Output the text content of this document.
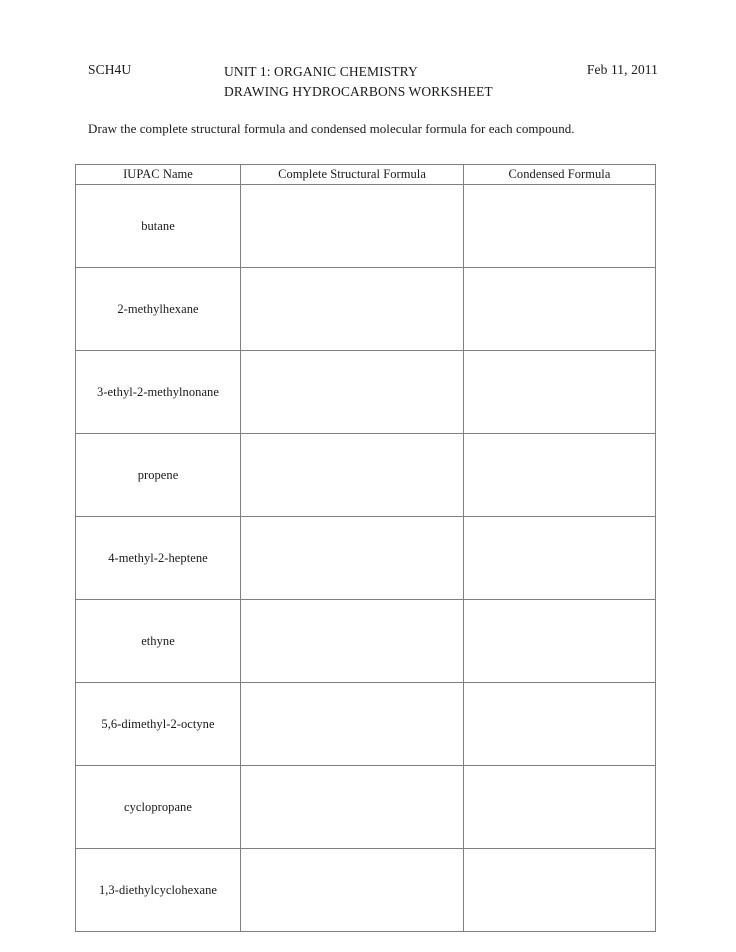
SCH4U	UNIT 1: ORGANIC CHEMISTRY
DRAWING HYDROCARBONS WORKSHEET
Feb 11, 2011
Draw the complete structural formula and condensed molecular formula for each compound.
IUPAC Name	Complete Structural Formula	Condensed Formula
butane		
2-methylhexane		
3-ethyl-2-methylnonane		
propene		
4-methyl-2-heptene		
ethyne		
5,6-dimethyl-2-octyne		
cyclopropane		
1,3-diethylcyclohexane		
